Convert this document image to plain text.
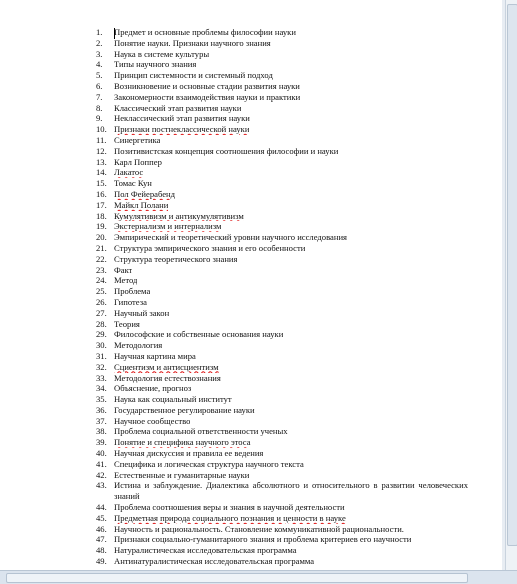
1.	Предмет и основные проблемы философии науки
2.	Понятие науки. Признаки научного знания
3.	Наука в системе культуры
4.	Типы научного знания
5.	Принцип системности и системный подход
6.	Возникновение и основные стадии развития науки
7.	Закономерности взаимодействия науки и практики
8.	Классический этап развития науки
9.	Неклассический этап развития науки
10. Признаки постнеклассической науки
11. Синергетика
12. Позитивистская концепция соотношения философии и науки
13. Карл Поппер
14. Лакатос
15. Томас Кун
16. Пол Фейерабенд
17. Майкл Полани
18. Кумулятивизм и антикумулятивизм
19. Экстернализм и интернализм
20. Эмпирический и теоретический уровни научного исследования
21. Структура эмпирического знания и его особенности
22. Структура теоретического знания
23. Факт
24. Метод
25. Проблема
26. Гипотеза
27. Научный закон
28. Теория
29. Философские и собственные основания науки
30. Методология
31. Научная картина мира
32. Сциентизм и антисциентизм
33. Методология естествознания
34. Объяснение, прогноз
35. Наука как социальный институт
36. Государственное регулирование науки
37. Научное сообщество
38. Проблема социальной ответственности ученых
39. Понятие и специфика научного этоса
40. Научная дискуссия и правила ее ведения
41. Специфика и логическая структура научного текста
42. Естественные и гуманитарные науки
43. Истина и заблуждение. Диалектика абсолютного и относительного в развитии человеческих знаний
44. Проблема соотношения веры и знания в научной деятельности
45. Предметная природа социального познания и ценности в науке
46. Научность и рациональность. Становление коммуникативной рациональности.
47. Признаки социально-гуманитарного знания и проблема критериев его научности
48. Натуралистическая исследовательская программа
49. Антинатуралистическая исследовательская программа
